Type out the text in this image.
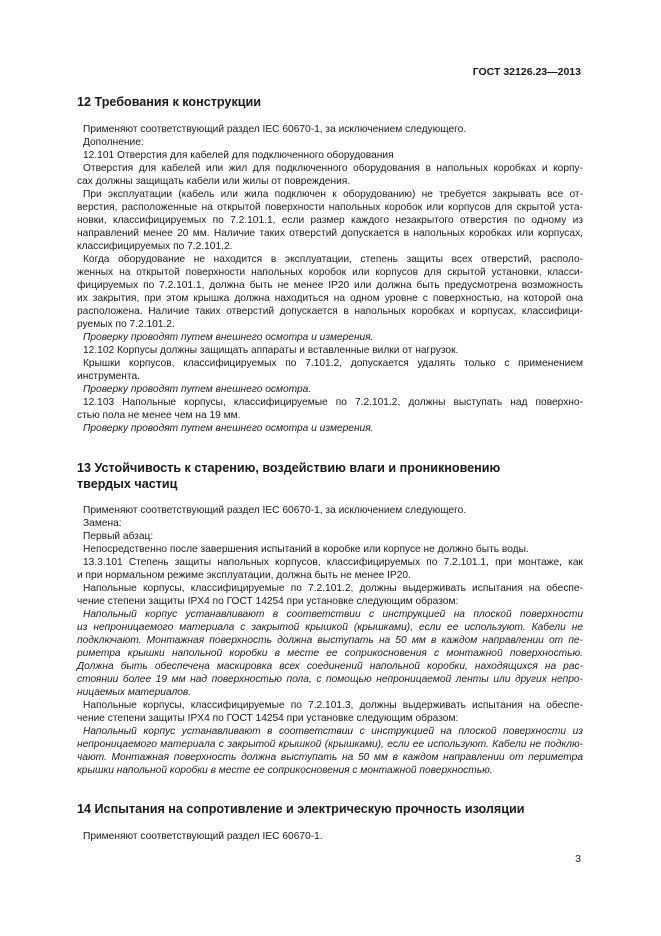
ГОСТ 32126.23—2013
12 Требования к конструкции
Применяют соответствующий раздел IEC 60670-1, за исключением следующего.
Дополнение:
12.101 Отверстия для кабелей для подключенного оборудования
Отверстия для кабелей или жил для подключенного оборудования в напольных коробках и корпу-
сах должны защищать кабели или жилы от повреждения.
При эксплуатации (кабель или жила подключен к оборудованию) не требуется закрывать все от-
верстия, расположенные на открытой поверхности напольных коробок или корпусов для скрытой уста-
новки, классифицируемых по 7.2.101.1, если размер каждого незакрытого отверстия по одному из
направлений менее 20 мм. Наличие таких отверстий допускается в напольных коробках или корпусах,
классифицируемых по 7.2.101.2.
Когда оборудование не находится в эксплуатации, степень защиты всех отверстий, располо-
женных на открытой поверхности напольных коробок или корпусов для скрытой установки, класси-
фицируемых по 7.2.101.1, должна быть не менее IP20 или должна быть предусмотрена возможность
их закрытия, при этом крышка должна находиться на одном уровне с поверхностью, на которой она
расположена. Наличие таких отверстий допускается в напольных коробках и корпусах, классифици-
руемых по 7.2.101.2.
Проверку проводят путем внешнего осмотра и измерения.
12.102 Корпусы должны защищать аппараты и вставленные вилки от нагрузок.
Крышки корпусов, классифицируемых по 7.101.2, допускается удалять только с применением
инструмента.
Проверку проводят путем внешнего осмотра.
12.103 Напольные корпусы, классифицируемые по 7.2.101.2, должны выступать над поверхно-
стью пола не менее чем на 19 мм.
Проверку проводят путем внешнего осмотра и измерения.
13 Устойчивость к старению, воздействию влаги и проникновению
твердых частиц
Применяют соответствующий раздел IEC 60670-1, за исключением следующего.
Замена:
Первый абзац:
Непосредственно после завершения испытаний в коробке или корпусе не должно быть воды.
13.3.101 Степень защиты напольных корпусов, классифицируемых по 7.2.101.1, при монтаже, как
и при нормальном режиме эксплуатации, должна быть не менее IP20.
Напольные корпусы, классифицируемые по 7.2.101.2, должны выдерживать испытания на обеспе-
чение степени защиты IPX4 по ГОСТ 14254 при установке следующим образом:
Напольный корпус устанавливают в соответствии с инструкцией на плоской поверхности
из непроницаемого материала с закрытой крышкой (крышками), если ее используют. Кабели не
подключают. Монтажная поверхность должна выступать на 50 мм в каждом направлении от пе-
риметра крышки напольной коробки в месте ее соприкосновения с монтажной поверхностью.
Должна быть обеспечена маскировка всех соединений напольной коробки, находящихся на рас-
стоянии более 19 мм над поверхностью пола, с помощью непроницаемой ленты или других непро-
ницаемых материалов.
Напольные корпусы, классифицируемые по 7.2.101.3, должны выдерживать испытания на обеспе-
чение степени защиты IPX4 по ГОСТ 14254 при установке следующим образом:
Напольный корпус устанавливают в соответствии с инструкцией на плоской поверхности из
непроницаемого материала с закрытой крышкой (крышками), если ее используют. Кабели не подклю-
чают. Монтажная поверхность должна выступать на 50 мм в каждом направлении от периметра
крышки напольной коробки в месте ее соприкосновения с монтажной поверхностью.
14 Испытания на сопротивление и электрическую прочность изоляции
Применяют соответствующий раздел IEC 60670-1.
3
